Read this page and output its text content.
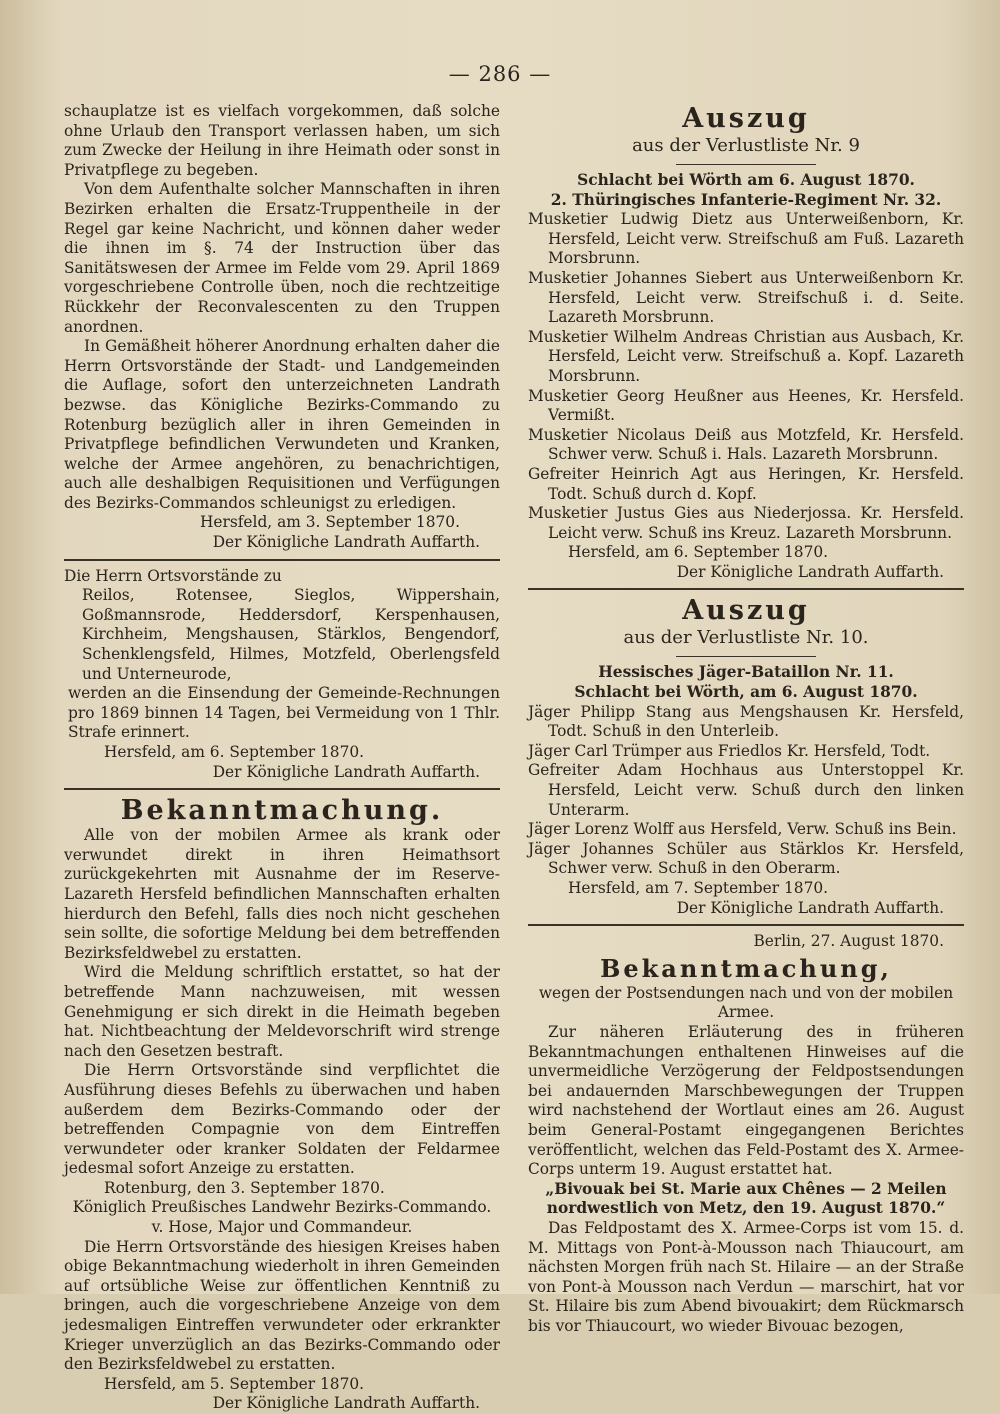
— 286 —

schauplatze ist es vielfach vorgekommen, daß solche ohne Urlaub den Transport verlassen haben, um sich zum Zwecke der Heilung in ihre Heimath oder sonst in Privatpflege zu begeben.

Von dem Aufenthalte solcher Mannschaften in ihren Bezirken erhalten die Ersatz-Truppentheile in der Regel gar keine Nachricht, und können daher weder die ihnen im §. 74 der Instruction über das Sanitätswesen der Armee im Felde vom 29. April 1869 vorgeschriebene Controlle üben, noch die rechtzeitige Rückkehr der Reconvalescenten zu den Truppen anordnen.

In Gemäßheit höherer Anordnung erhalten daher die Herrn Ortsvorstände der Stadt- und Landgemeinden die Auflage, sofort den unterzeichneten Landrath bezwse. das Königliche Bezirks-Commando zu Rotenburg bezüglich aller in ihren Gemeinden in Privatpflege befindlichen Verwundeten und Kranken, welche der Armee angehören, zu benachrichtigen, auch alle deshalbigen Requisitionen und Verfügungen des Bezirks-Commandos schleunigst zu erledigen.

Hersfeld, am 3. September 1870.

Der Königliche Landrath Auffarth.

Die Herrn Ortsvorstände zu

Reilos, Rotensee, Sieglos, Wippershain, Goßmannsrode, Heddersdorf, Kerspenhausen, Kirchheim, Mengshausen, Stärklos, Bengendorf, Schenklengsfeld, Hilmes, Motzfeld, Oberlengsfeld und Unterneurode,

werden an die Einsendung der Gemeinde-Rechnungen pro 1869 binnen 14 Tagen, bei Vermeidung von 1 Thlr. Strafe erinnert.

Hersfeld, am 6. September 1870.

Der Königliche Landrath Auffarth.

Bekanntmachung.

Alle von der mobilen Armee als krank oder verwundet direkt in ihren Heimathsort zurückgekehrten mit Ausnahme der im Reserve-Lazareth Hersfeld befindlichen Mannschaften erhalten hierdurch den Befehl, falls dies noch nicht geschehen sein sollte, die sofortige Meldung bei dem betreffenden Bezirksfeldwebel zu erstatten.

Wird die Meldung schriftlich erstattet, so hat der betreffende Mann nachzuweisen, mit wessen Genehmigung er sich direkt in die Heimath begeben hat. Nichtbeachtung der Meldevorschrift wird strenge nach den Gesetzen bestraft.

Die Herrn Ortsvorstände sind verpflichtet die Ausführung dieses Befehls zu überwachen und haben außerdem dem Bezirks-Commando oder der betreffenden Compagnie von dem Eintreffen verwundeter oder kranker Soldaten der Feldarmee jedesmal sofort Anzeige zu erstatten.

Rotenburg, den 3. September 1870.

Königlich Preußisches Landwehr Bezirks-Commando.

v. Hose, Major und Commandeur.

Die Herrn Ortsvorstände des hiesigen Kreises haben obige Bekanntmachung wiederholt in ihren Gemeinden auf ortsübliche Weise zur öffentlichen Kenntniß zu bringen, auch die vorgeschriebene Anzeige von dem jedesmaligen Eintreffen verwundeter oder erkrankter Krieger unverzüglich an das Bezirks-Commando oder den Bezirksfeldwebel zu erstatten.

Hersfeld, am 5. September 1870.

Der Königliche Landrath Auffarth.

Auszug
aus der Verlustliste Nr. 9

Schlacht bei Wörth am 6. August 1870.

2. Thüringisches Infanterie-Regiment Nr. 32.

Musketier Ludwig Dietz aus Unterweißenborn, Kr. Hersfeld, Leicht verw. Streifschuß am Fuß. Lazareth Morsbrunn.

Musketier Johannes Siebert aus Unterweißenborn Kr. Hersfeld, Leicht verw. Streifschuß i. d. Seite. Lazareth Morsbrunn.

Musketier Wilhelm Andreas Christian aus Ausbach, Kr. Hersfeld, Leicht verw. Streifschuß a. Kopf. Lazareth Morsbrunn.

Musketier Georg Heußner aus Heenes, Kr. Hersfeld. Vermißt.

Musketier Nicolaus Deiß aus Motzfeld, Kr. Hersfeld. Schwer verw. Schuß i. Hals. Lazareth Morsbrunn.

Gefreiter Heinrich Agt aus Heringen, Kr. Hersfeld. Todt. Schuß durch d. Kopf.

Musketier Justus Gies aus Niederjossa. Kr. Hersfeld. Leicht verw. Schuß ins Kreuz. Lazareth Morsbrunn.

Hersfeld, am 6. September 1870.

Der Königliche Landrath Auffarth.

Auszug
aus der Verlustliste Nr. 10.

Hessisches Jäger-Bataillon Nr. 11.

Schlacht bei Wörth, am 6. August 1870.

Jäger Philipp Stang aus Mengshausen Kr. Hersfeld, Todt. Schuß in den Unterleib.

Jäger Carl Trümper aus Friedlos Kr. Hersfeld, Todt.

Gefreiter Adam Hochhaus aus Unterstoppel Kr. Hersfeld, Leicht verw. Schuß durch den linken Unterarm.

Jäger Lorenz Wolff aus Hersfeld, Verw. Schuß ins Bein.

Jäger Johannes Schüler aus Stärklos Kr. Hersfeld, Schwer verw. Schuß in den Oberarm.

Hersfeld, am 7. September 1870.

Der Königliche Landrath Auffarth.

Berlin, 27. August 1870.

Bekanntmachung,

wegen der Postsendungen nach und von der mobilen Armee.

Zur näheren Erläuterung des in früheren Bekanntmachungen enthaltenen Hinweises auf die unvermeidliche Verzögerung der Feldpostsendungen bei andauernden Marschbewegungen der Truppen wird nachstehend der Wortlaut eines am 26. August beim General-Postamt eingegangenen Berichtes veröffentlicht, welchen das Feld-Postamt des X. Armee-Corps unterm 19. August erstattet hat.

„Bivouak bei St. Marie aux Chênes — 2 Meilen nordwestlich von Metz, den 19. August 1870.“

Das Feldpostamt des X. Armee-Corps ist vom 15. d. M. Mittags von Pont-à-Mousson nach Thiaucourt, am nächsten Morgen früh nach St. Hilaire — an der Straße von Pont-à Mousson nach Verdun — marschirt, hat vor St. Hilaire bis zum Abend bivouakirt; dem Rückmarsch bis vor Thiaucourt, wo wieder Bivouac bezogen,
